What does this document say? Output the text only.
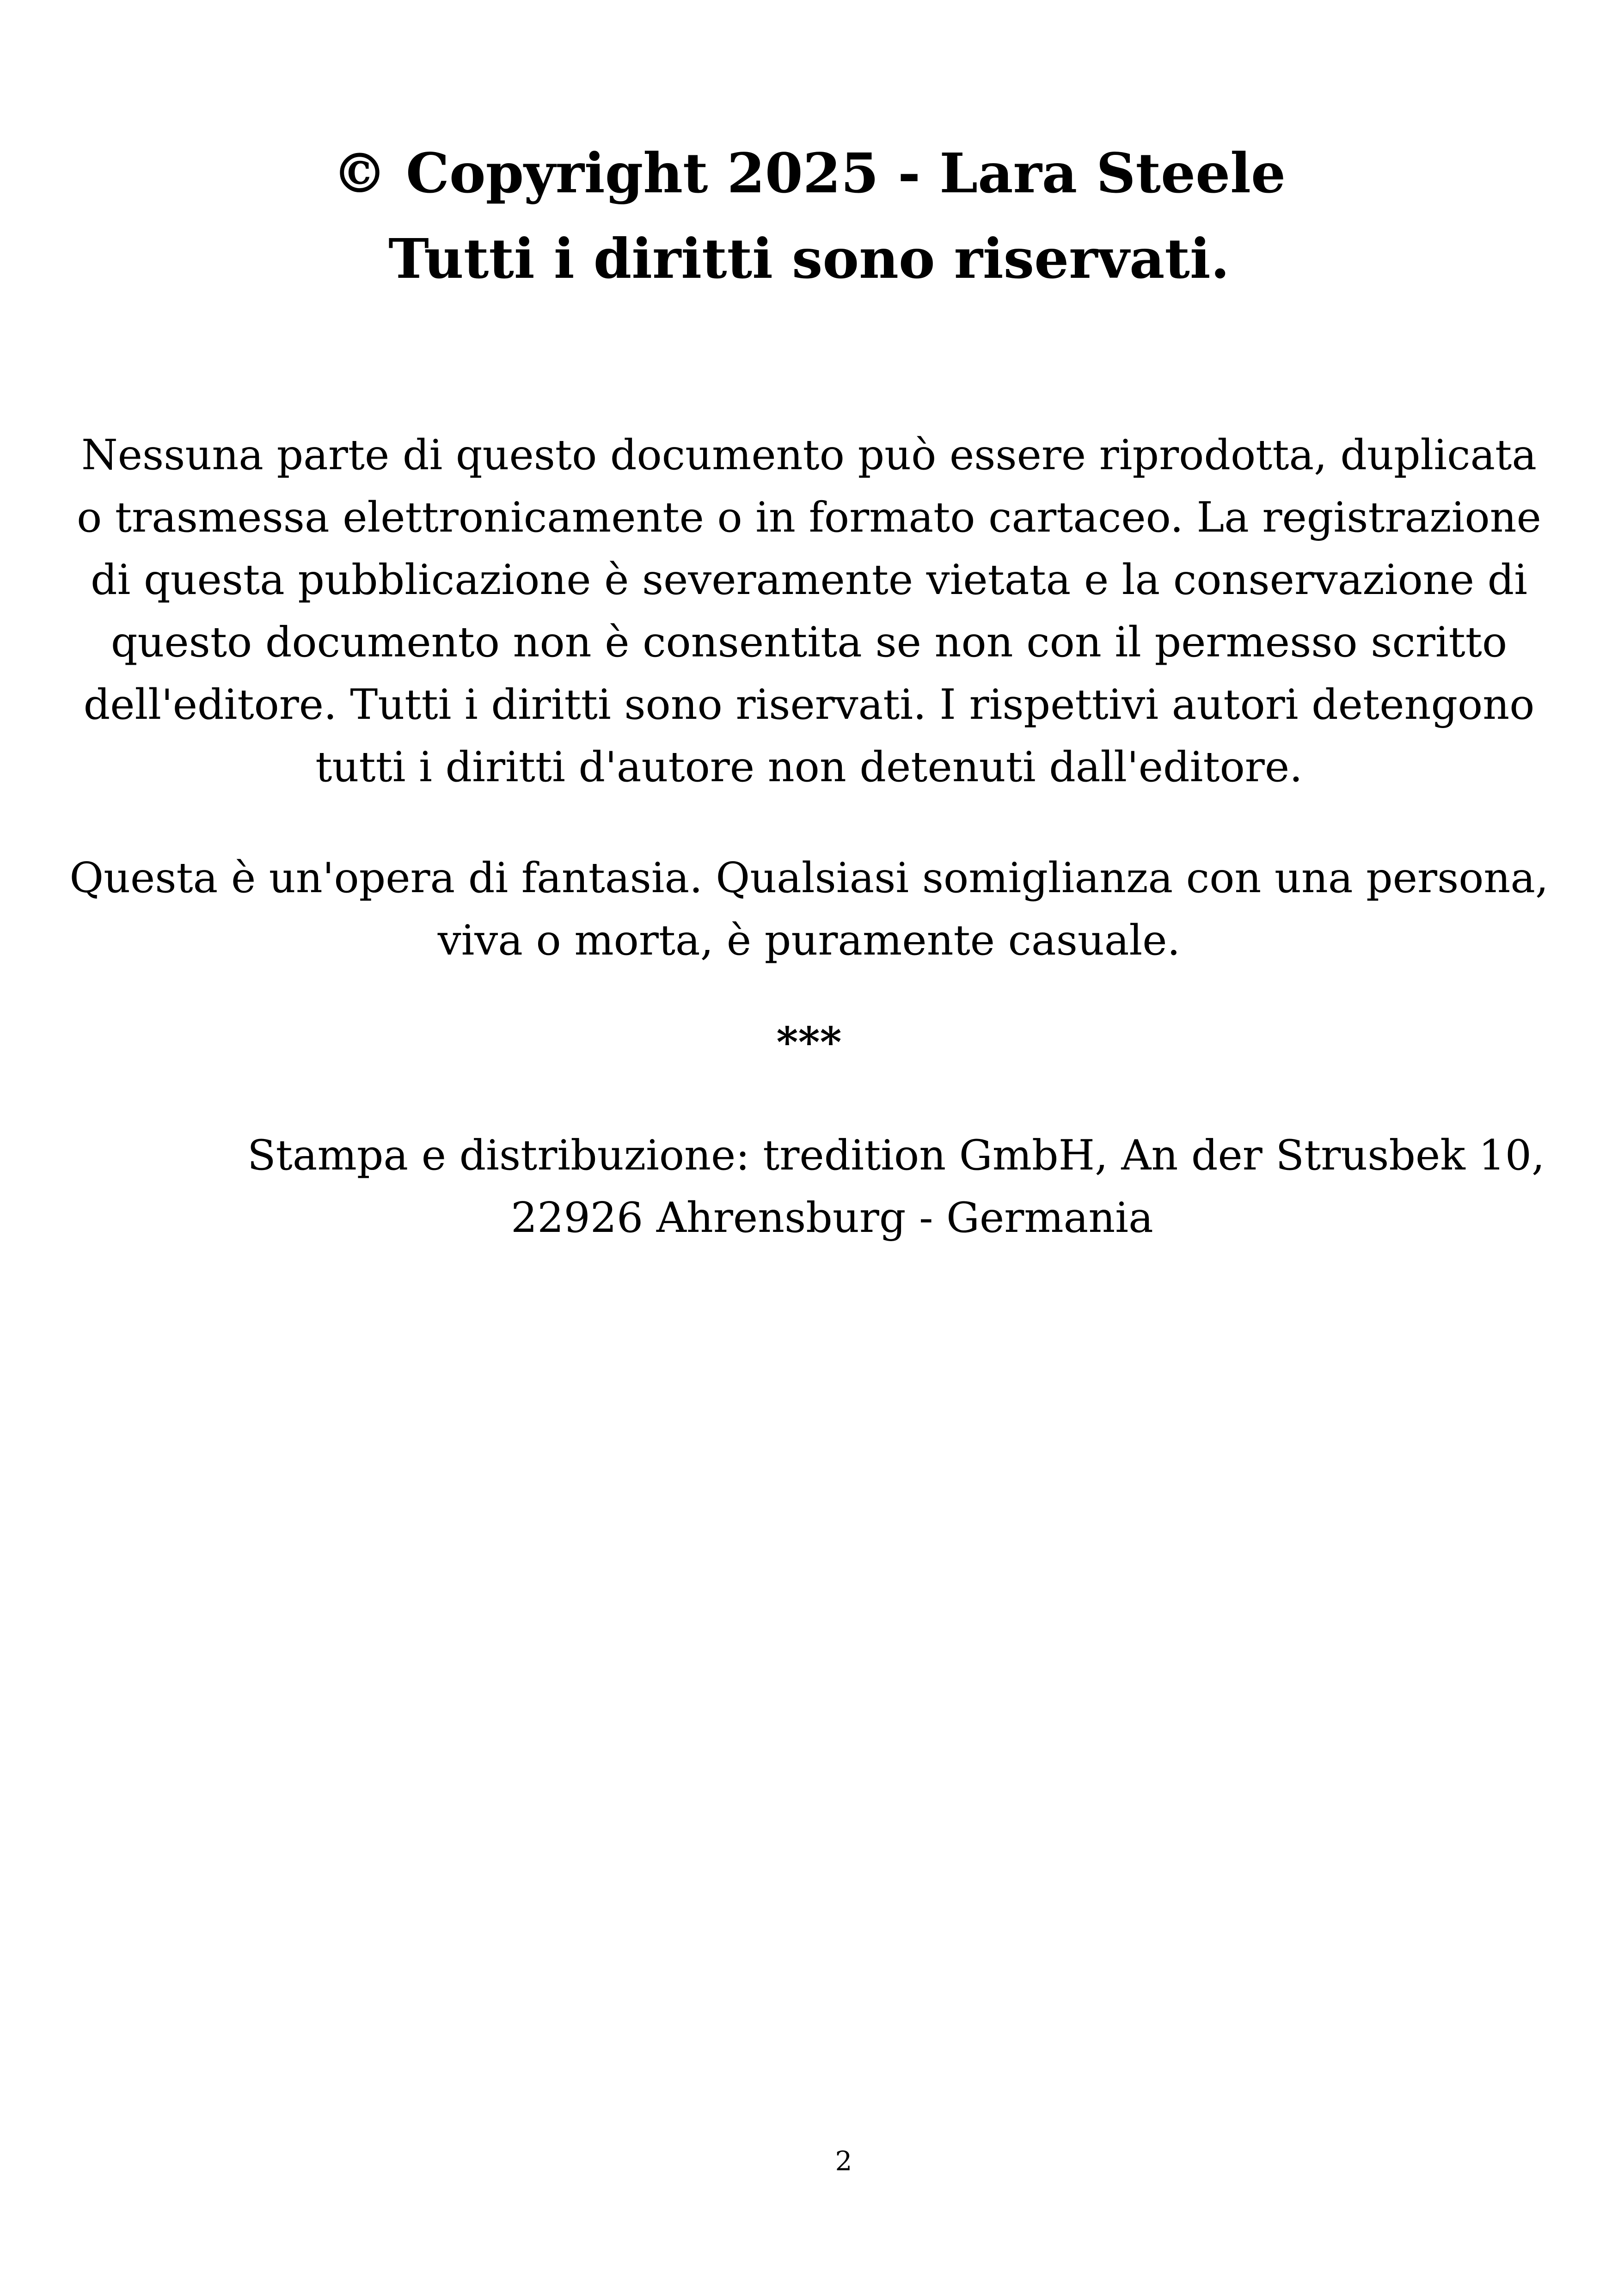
© Copyright 2025 - Lara Steele
Tutti i diritti sono riservati.
Nessuna parte di questo documento può essere riprodotta, duplicata
o trasmessa elettronicamente o in formato cartaceo. La registrazione
di questa pubblicazione è severamente vietata e la conservazione di
questo documento non è consentita se non con il permesso scritto
dell'editore. Tutti i diritti sono riservati. I rispettivi autori detengono
tutti i diritti d'autore non detenuti dall'editore.
Questa è un'opera di fantasia. Qualsiasi somiglianza con una persona,
viva o morta, è puramente casuale.
***
Stampa e distribuzione: tredition GmbH, An der Strusbek 10,
22926 Ahrensburg - Germania
2
